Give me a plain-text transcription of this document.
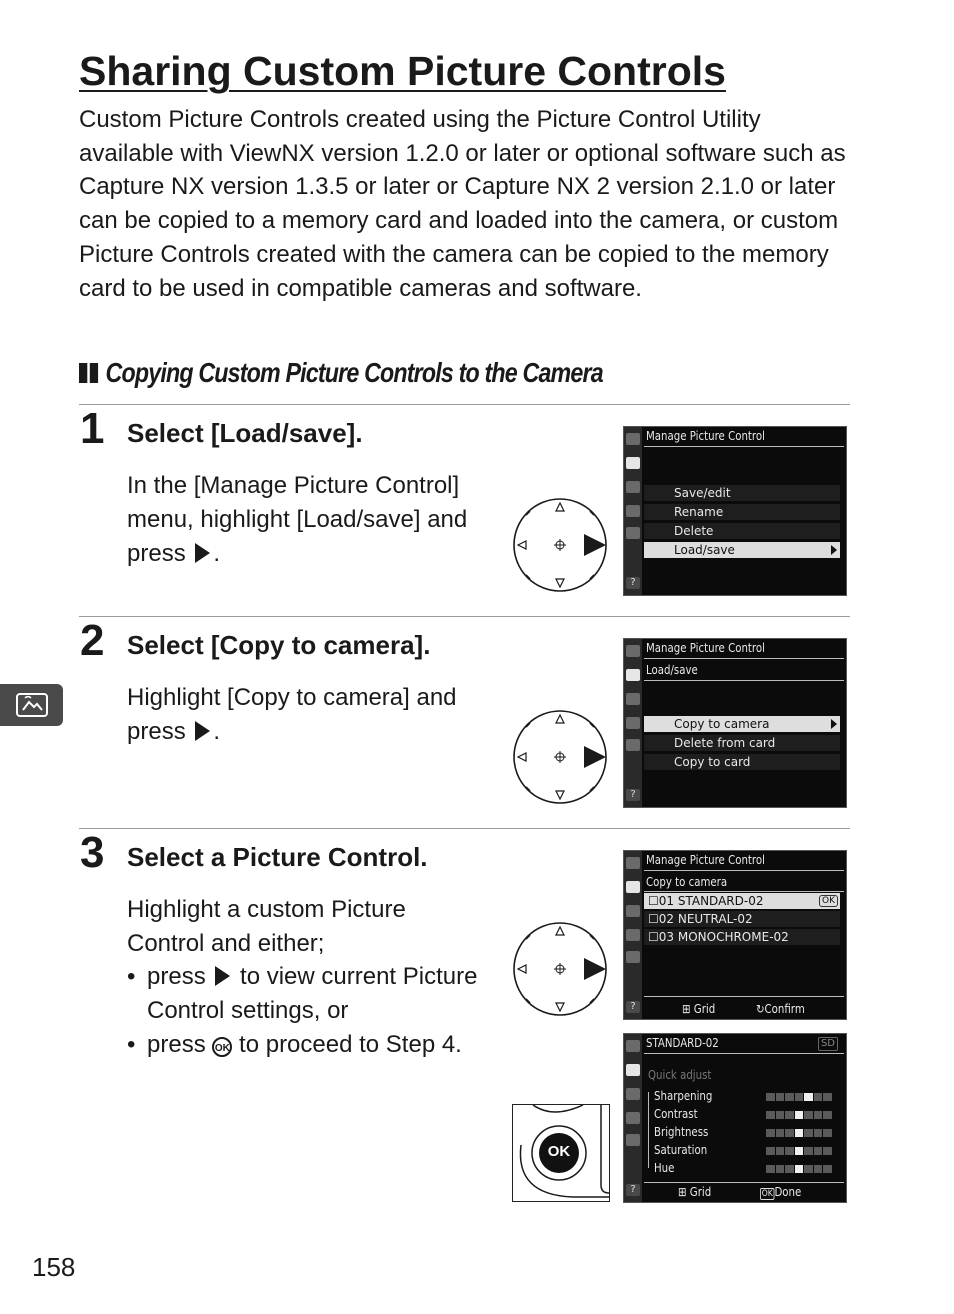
Sharing Custom Picture Controls

Custom Picture Controls created using the Picture Control Utility available with ViewNX version 1.2.0 or later or optional software such as Capture NX version 1.3.5 or later or Capture NX 2 version 2.1.0 or later can be copied to a memory card and loaded into the camera, or custom Picture Controls created with the camera can be copied to the memory card to be used in compatible cameras and software.

Copying Custom Picture Controls to the Camera
1 Select [Load/save].

In the [Manage Picture Control] menu, highlight [Load/save] and press .

?
Manage Picture Control
Save/edit
Rename
Delete
Load/save
2 Select [Copy to camera].

Highlight [Copy to camera] and press .

?
Manage Picture Control
Load/save
Copy to camera
Delete from card
Copy to card
3 Select a Picture Control.

Highlight a custom Picture Control and either;

• press to view current Picture Control settings, or
• press OK to proceed to Step 4.
?
Manage Picture Control
Copy to camera
☐01 STANDARD-02	OK
☐02 NEUTRAL-02
☐03 MONOCHROME-02
⊞ Grid	↻Confirm
?
STANDARD-02	SD
Quick adjust
Sharpening
Contrast
Brightness
Saturation
Hue
⊞ Grid	OK Done
OK
158
